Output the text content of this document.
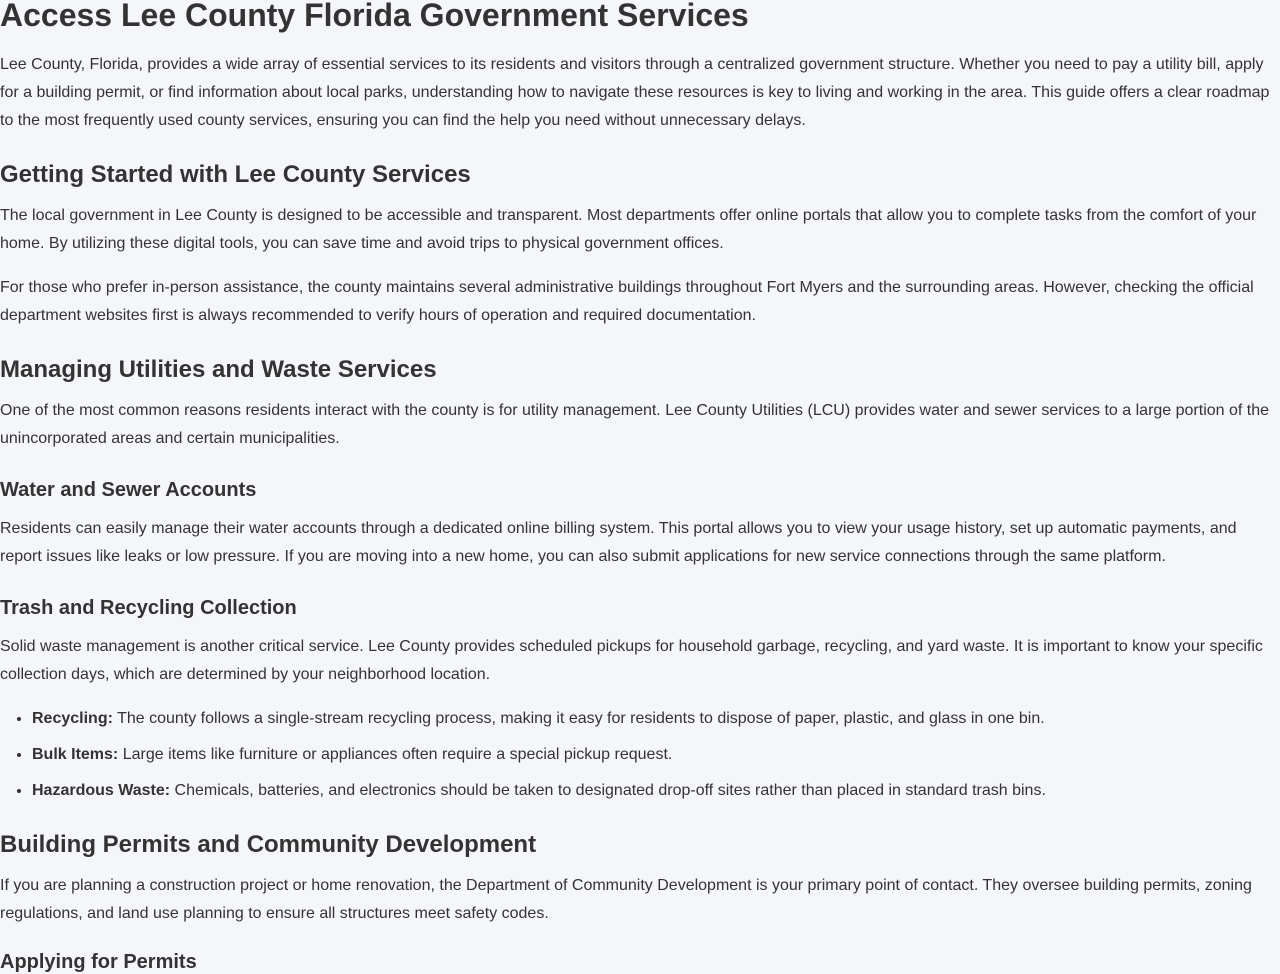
Access Lee County Florida Government Services

Lee County, Florida, provides a wide array of essential services to its residents and visitors through a centralized government structure. Whether you need to pay a utility bill, apply for a building permit, or find information about local parks, understanding how to navigate these resources is key to living and working in the area. This guide offers a clear roadmap to the most frequently used county services, ensuring you can find the help you need without unnecessary delays.

Getting Started with Lee County Services

The local government in Lee County is designed to be accessible and transparent. Most departments offer online portals that allow you to complete tasks from the comfort of your home. By utilizing these digital tools, you can save time and avoid trips to physical government offices.

For those who prefer in-person assistance, the county maintains several administrative buildings throughout Fort Myers and the surrounding areas. However, checking the official department websites first is always recommended to verify hours of operation and required documentation.

Managing Utilities and Waste Services

One of the most common reasons residents interact with the county is for utility management. Lee County Utilities (LCU) provides water and sewer services to a large portion of the unincorporated areas and certain municipalities.

Water and Sewer Accounts

Residents can easily manage their water accounts through a dedicated online billing system. This portal allows you to view your usage history, set up automatic payments, and report issues like leaks or low pressure. If you are moving into a new home, you can also submit applications for new service connections through the same platform.

Trash and Recycling Collection

Solid waste management is another critical service. Lee County provides scheduled pickups for household garbage, recycling, and yard waste. It is important to know your specific collection days, which are determined by your neighborhood location.

• Recycling: The county follows a single-stream recycling process, making it easy for residents to dispose of paper, plastic, and glass in one bin.
• Bulk Items: Large items like furniture or appliances often require a special pickup request.
• Hazardous Waste: Chemicals, batteries, and electronics should be taken to designated drop-off sites rather than placed in standard trash bins.
Building Permits and Community Development

If you are planning a construction project or home renovation, the Department of Community Development is your primary point of contact. They oversee building permits, zoning regulations, and land use planning to ensure all structures meet safety codes.

Applying for Permits
